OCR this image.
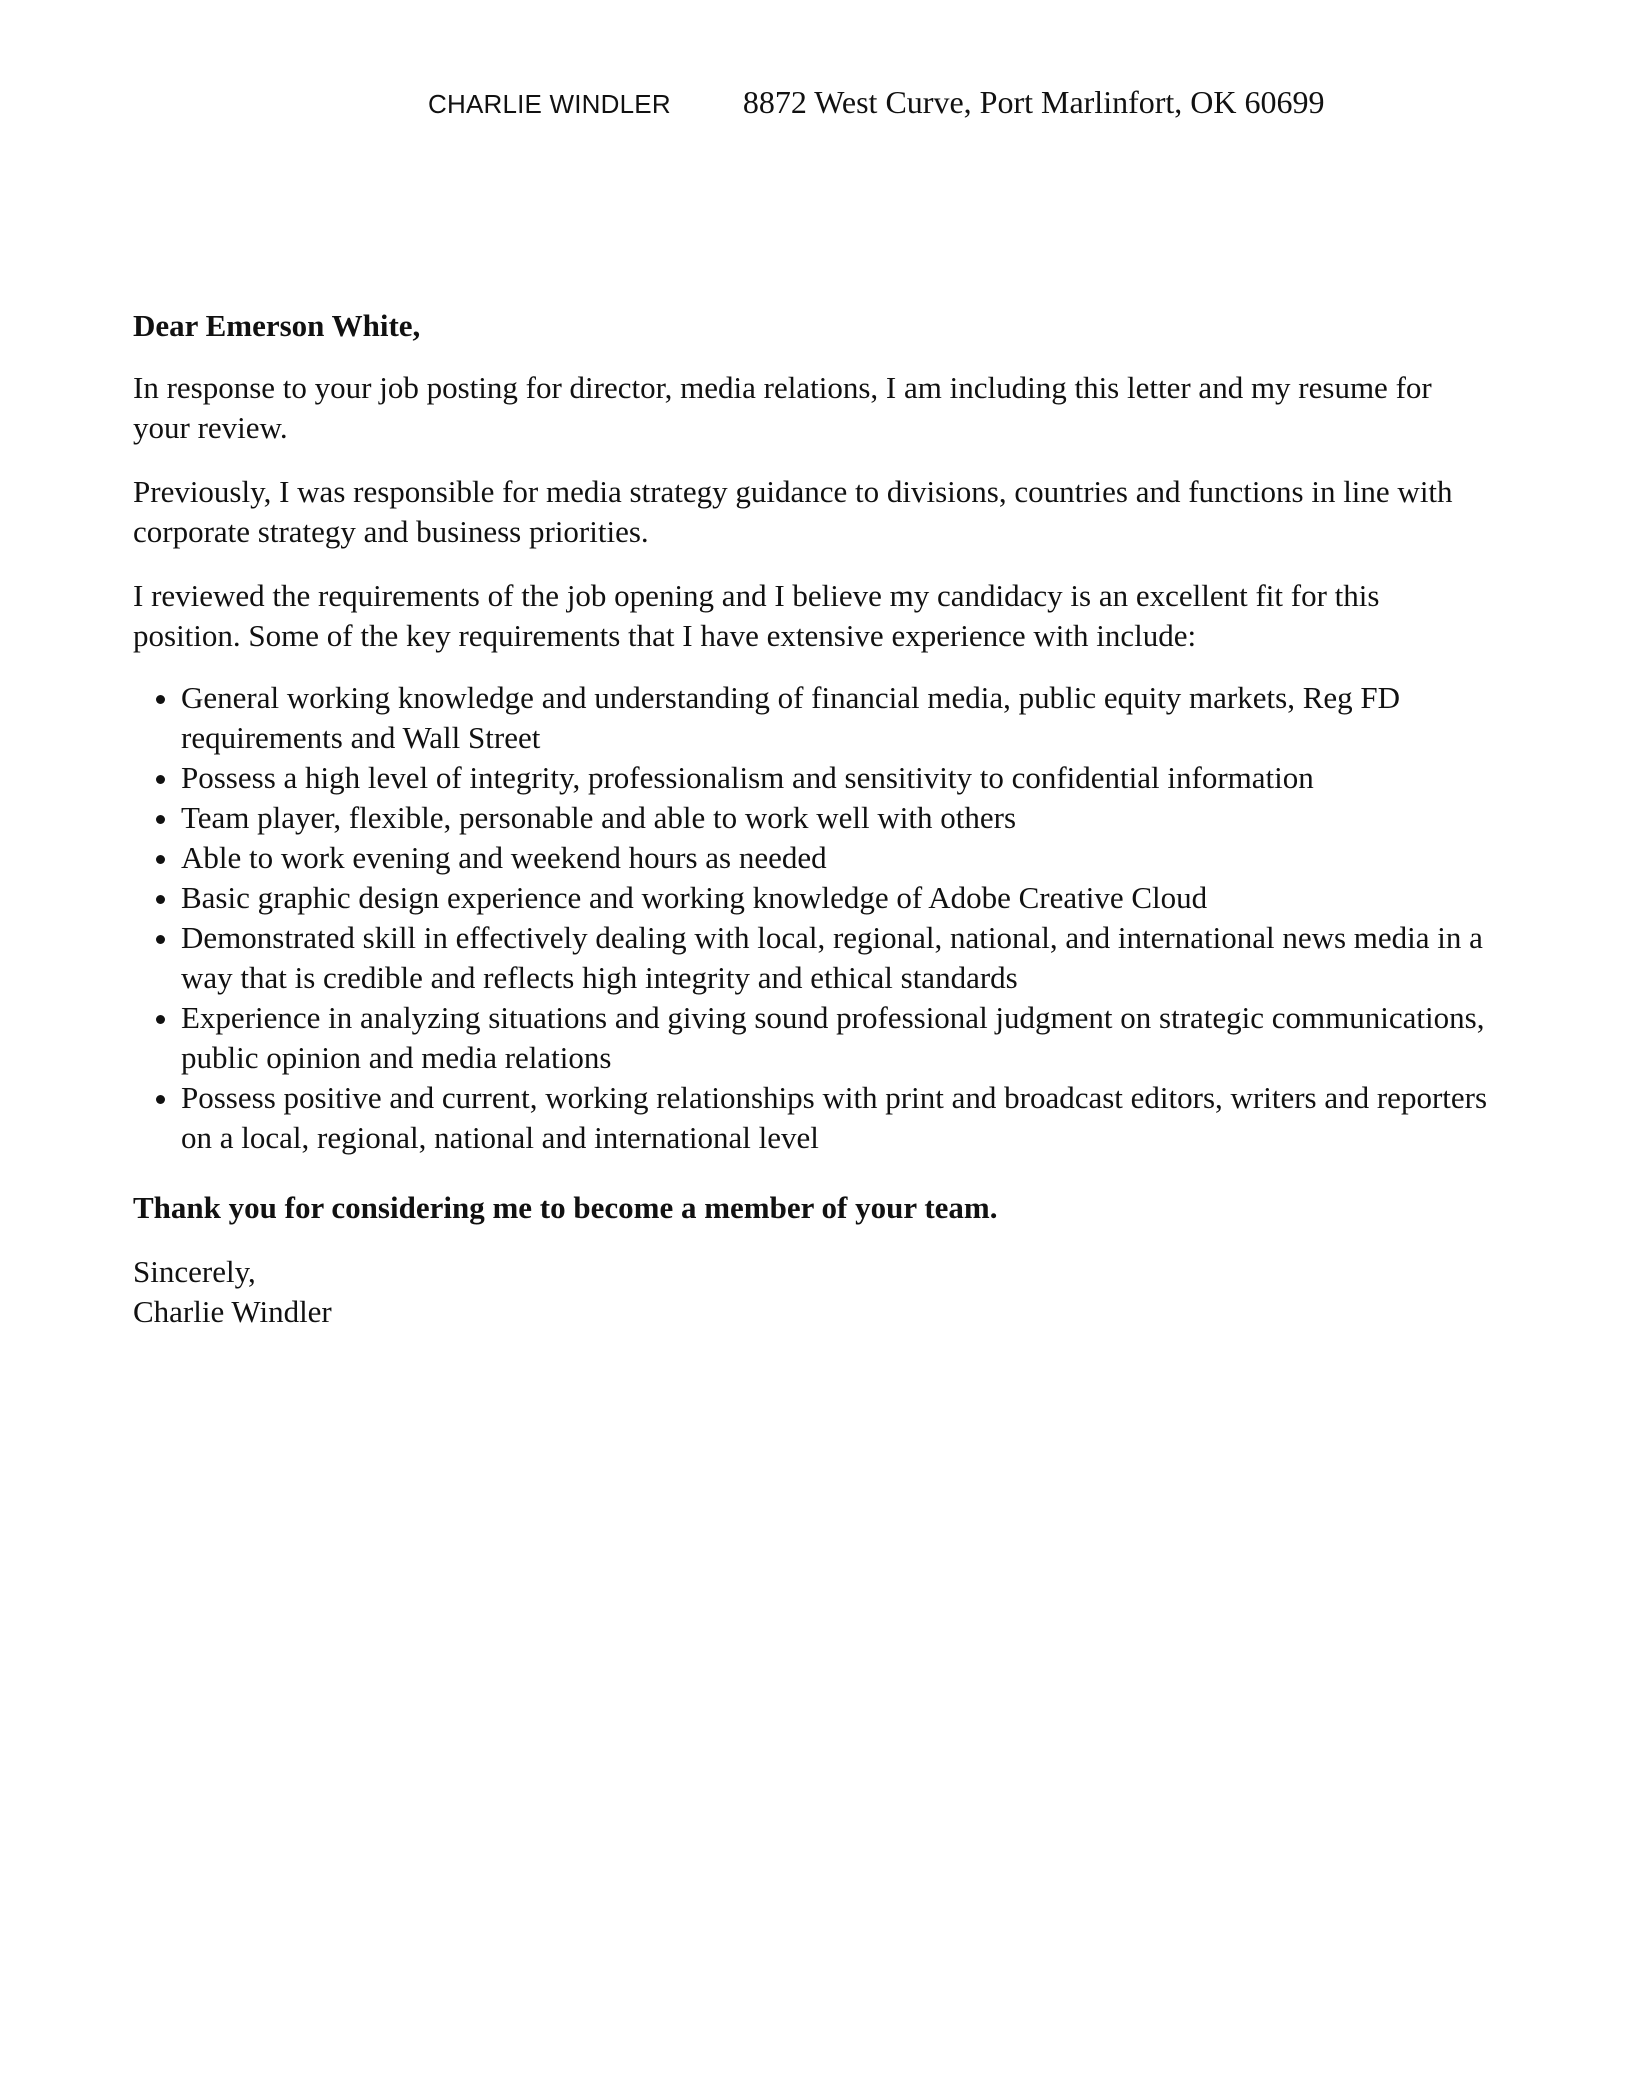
CHARLIE WINDLER 8872 West Curve, Port Marlinfort, OK 60699

Dear Emerson White,

In response to your job posting for director, media relations, I am including this letter and my resume for your review.

Previously, I was responsible for media strategy guidance to divisions, countries and functions in line with corporate strategy and business priorities.

I reviewed the requirements of the job opening and I believe my candidacy is an excellent fit for this position. Some of the key requirements that I have extensive experience with include:

• General working knowledge and understanding of financial media, public equity markets, Reg FD requirements and Wall Street
• Possess a high level of integrity, professionalism and sensitivity to confidential information
• Team player, flexible, personable and able to work well with others
• Able to work evening and weekend hours as needed
• Basic graphic design experience and working knowledge of Adobe Creative Cloud
• Demonstrated skill in effectively dealing with local, regional, national, and international news media in a way that is credible and reflects high integrity and ethical standards
• Experience in analyzing situations and giving sound professional judgment on strategic communications, public opinion and media relations
• Possess positive and current, working relationships with print and broadcast editors, writers and reporters on a local, regional, national and international level

Thank you for considering me to become a member of your team.

Sincerely,
Charlie Windler
